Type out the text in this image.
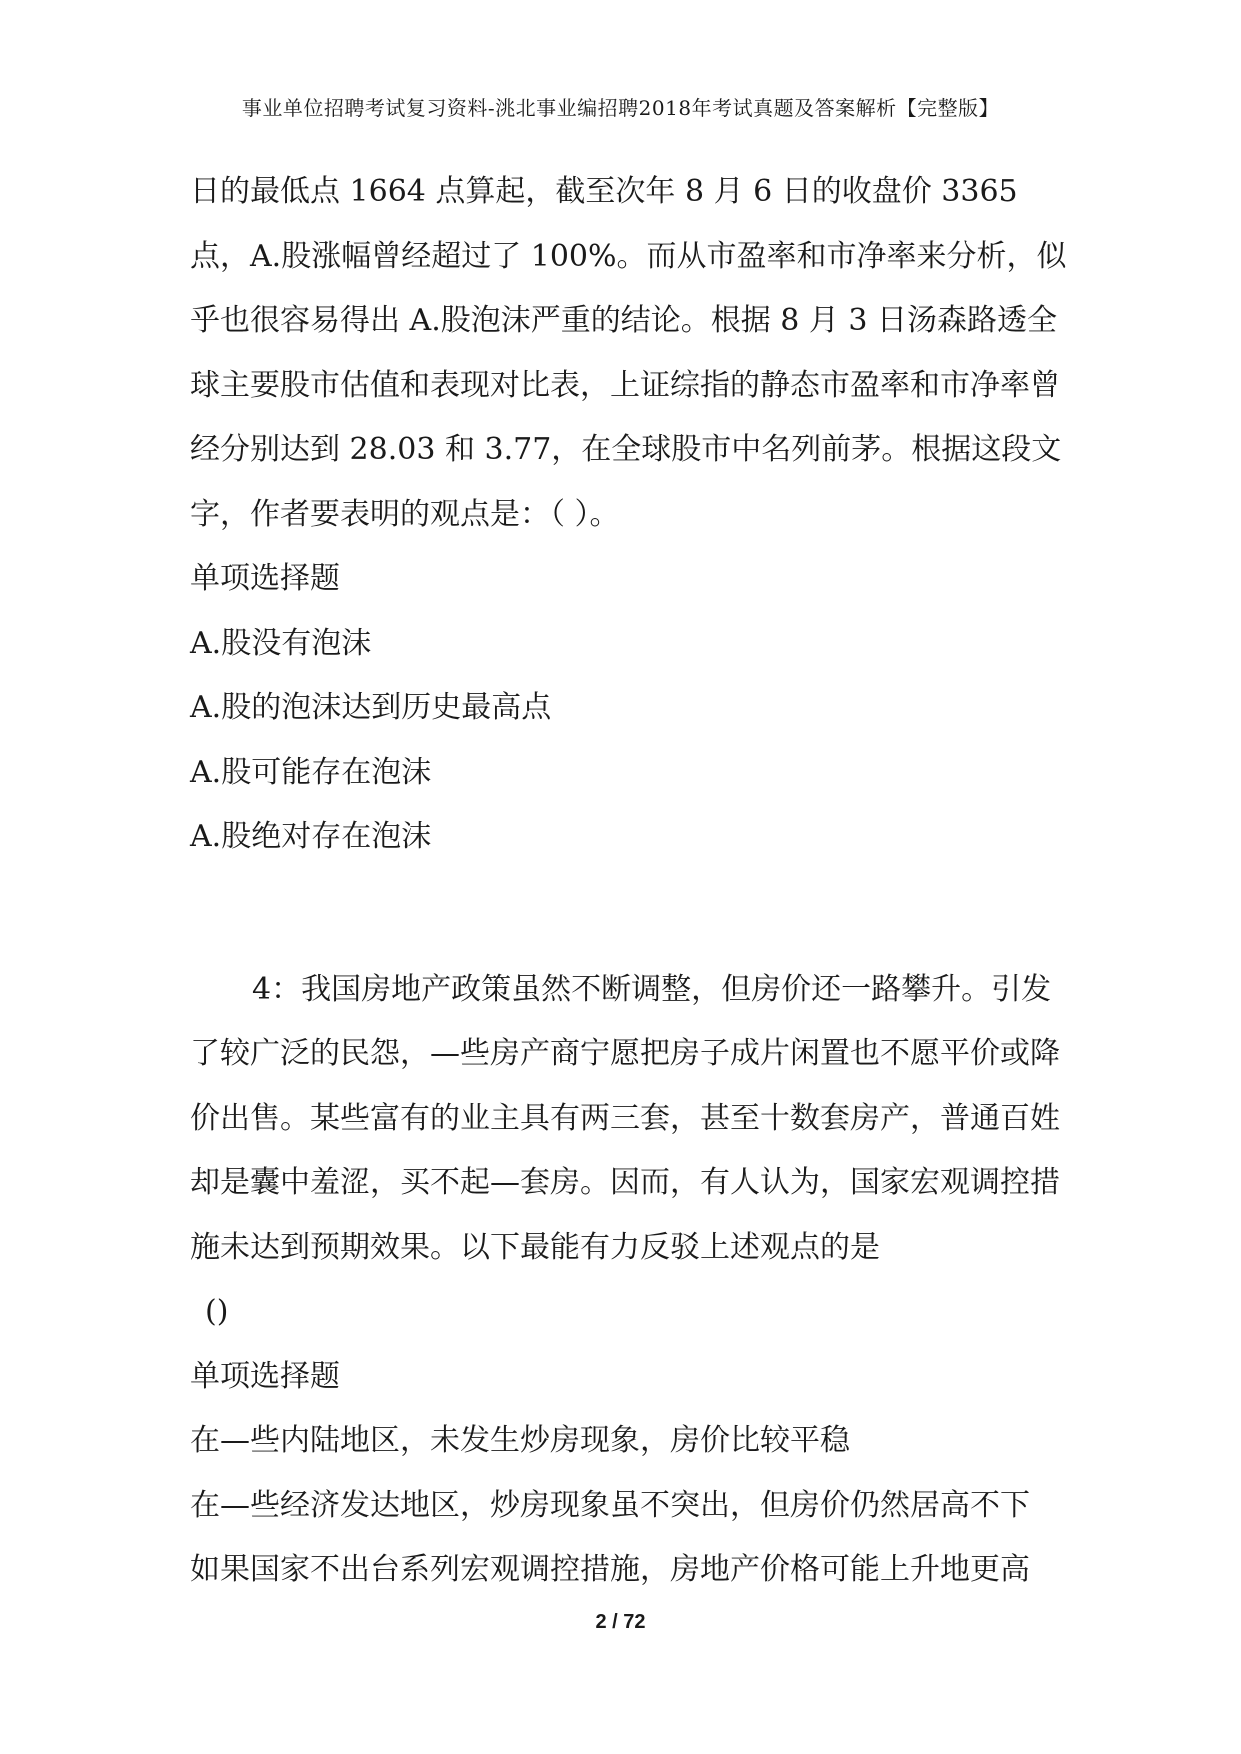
事业单位招聘考试复习资料-洮北事业编招聘2018年考试真题及答案解析【完整版】

日的最低点 1664 点算起，截至次年 8 月 6 日的收盘价 3365 点，A.股涨幅曾经超过了 100%。而从市盈率和市净率来分析，似乎也很容易得出 A.股泡沫严重的结论。根据 8 月 3 日汤森路透全球主要股市估值和表现对比表，上证综指的静态市盈率和市净率曾经分别达到 28.03 和 3.77，在全球股市中名列前茅。根据这段文字，作者要表明的观点是：（ ）。

单项选择题

A.股没有泡沫

A.股的泡沫达到历史最高点

A.股可能存在泡沫

A.股绝对存在泡沫

4：我国房地产政策虽然不断调整，但房价还一路攀升。引发了较广泛的民怨，—些房产商宁愿把房子成片闲置也不愿平价或降价出售。某些富有的业主具有两三套，甚至十数套房产，普通百姓却是囊中羞涩，买不起—套房。因而，有人认为，国家宏观调控措施未达到预期效果。以下最能有力反驳上述观点的是

()

单项选择题

在—些内陆地区，未发生炒房现象，房价比较平稳

在—些经济发达地区，炒房现象虽不突出，但房价仍然居高不下

如果国家不出台系列宏观调控措施，房地产价格可能上升地更高

2 / 72
